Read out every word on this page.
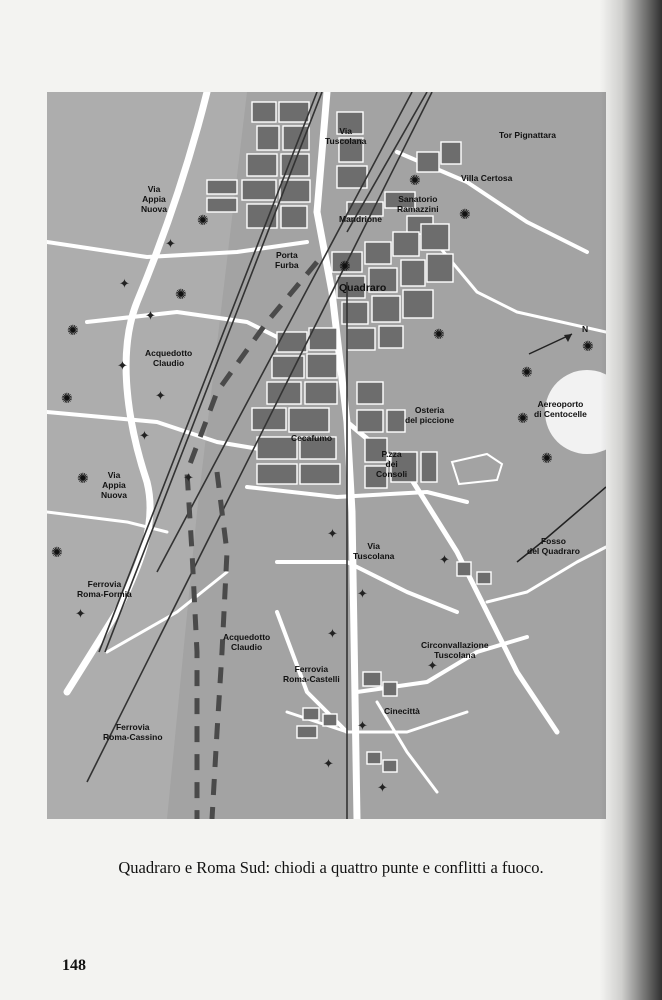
Via
Tuscolana
Tor Pignattara
Via
Appia
Nuova
Villa Certosa
Sanatorio
Ramazzini
Mandrione
Porta
Furba
Quadraro
Acquedotto
Claudio
Aereoporto
di Centocelle
Osteria
del piccione
Cecafumo
P.zza
dei
Consoli
Via
Appia
Nuova
Fosso
del Quadraro
Via
Tuscolana
Ferrovia
Roma-Formia
Acquedotto
Claudio	Circonvallazione
Tuscolana
Ferrovia
Roma-Castelli
Cinecittà
Ferrovia
Roma-Cassino
N
✺
✺
✺
✺
✺
✺
✺
✺
✺
✺
✺
✺
✺
✺
✦
✦
✦
✦
✦
✦
✦
✦
✦
✦
✦
✦
✦
✦
✦
✦
Quadraro e Roma Sud: chiodi a quattro punte e conflitti a fuoco.
148
